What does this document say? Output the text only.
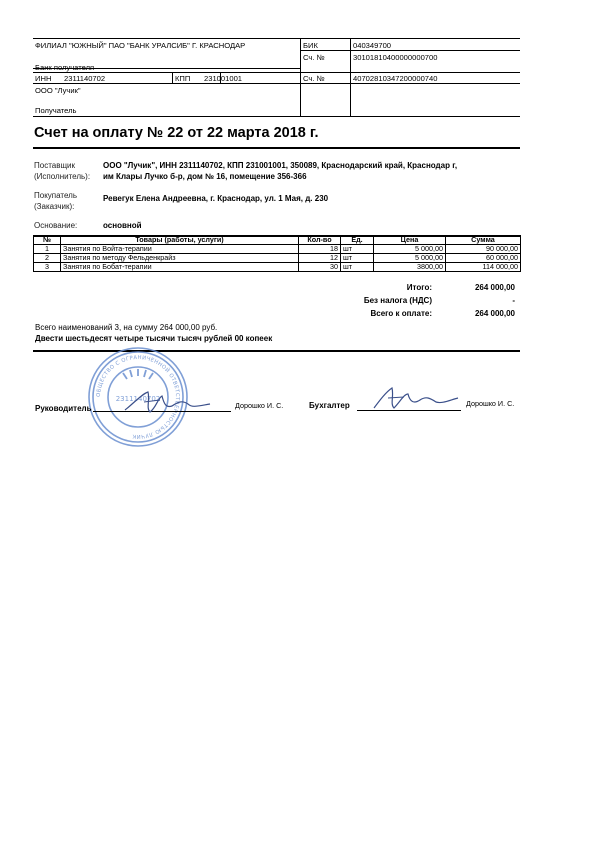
ФИЛИАЛ "ЮЖНЫЙ" ПАО "БАНК УРАЛСИБ" Г. КРАСНОДАР	БИК	040349700
Сч. №	30101810400000000700
Банк получателя
ИНН 2311140702	КПП 231001001	Сч. №	40702810347200000740
ООО "Лучик"
Получатель
Счет на оплату № 22 от 22 марта 2018 г.
Поставщик
(Исполнитель):
ООО "Лучик", ИНН 2311140702, КПП 231001001, 350089, Краснодарский край, Краснодар г,
им Клары Лучко б-р, дом № 16, помещение 356-366
Покупатель
(Заказчик):
Ревегук Елена Андреевна, г. Краснодар, ул. 1 Мая, д. 230
Основание:	основной
№	Товары (работы, услуги)	Кол-во	Ед.	Цена	Сумма
1	Занятия по Войта-терапии	18	шт	5 000,00	90 000,00
2	Занятия по методу Фельденкрайз	12	шт	5 000,00	60 000,00
3	Занятия по Бобат-терапии	30	шт	3800,00	114 000,00
Итого:	264 000,00
Без налога (НДС)	-
Всего к оплате:	264 000,00
Всего наименований 3, на сумму 264 000,00 руб.
Двести шестьдесят четыре тысячи тысяч рублей 00 копеек
ОБЩЕСТВО С ОГРАНИЧЕННОЙ ОТВЕТСТВЕ НОСТЬЮ ЛУЧИК
2311140702
Руководитель	Дорошко И. С.	Бухгалтер	Дорошко И. С.
